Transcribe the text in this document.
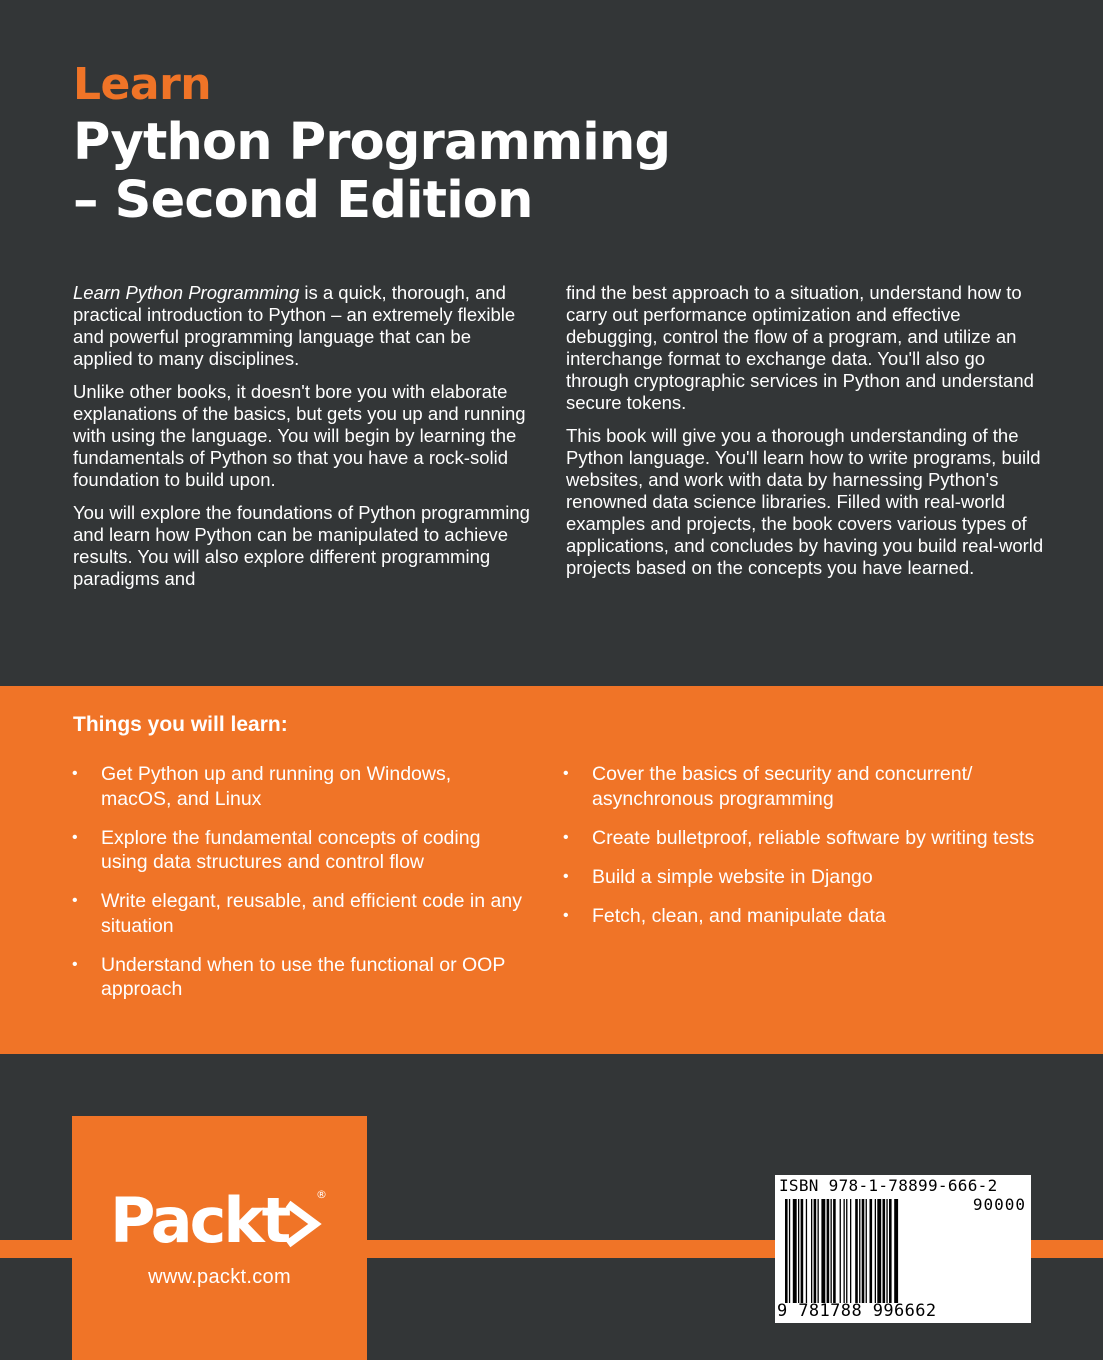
Learn
Python Programming
– Second Edition

Learn Python Programming is a quick, thorough, and practical introduction to Python – an extremely flexible and powerful programming language that can be applied to many disciplines.

Unlike other books, it doesn't bore you with elaborate explanations of the basics, but gets you up and running with using the language. You will begin by learning the fundamentals of Python so that you have a rock-solid foundation to build upon.

You will explore the foundations of Python programming and learn how Python can be manipulated to achieve results. You will also explore different programming paradigms and

find the best approach to a situation, understand how to carry out performance optimization and effective debugging, control the flow of a program, and utilize an interchange format to exchange data. You'll also go through cryptographic services in Python and understand secure tokens.

This book will give you a thorough understanding of the Python language. You'll learn how to write programs, build websites, and work with data by harnessing Python's renowned data science libraries. Filled with real-world examples and projects, the book covers various types of applications, and concludes by having you build real-world projects based on the concepts you have learned.

Things you will learn:
• Get Python up and running on Windows, macOS, and Linux
• Explore the fundamental concepts of coding using data structures and control flow
• Write elegant, reusable, and efficient code in any situation
• Understand when to use the functional or OOP approach
• Cover the basics of security and concurrent/ asynchronous programming
• Create bulletproof, reliable software by writing tests
• Build a simple website in Django
• Fetch, clean, and manipulate data
Packt	®
www.packt.com
ISBN 978-1-78899-666-2
90000
9 781788 996662
